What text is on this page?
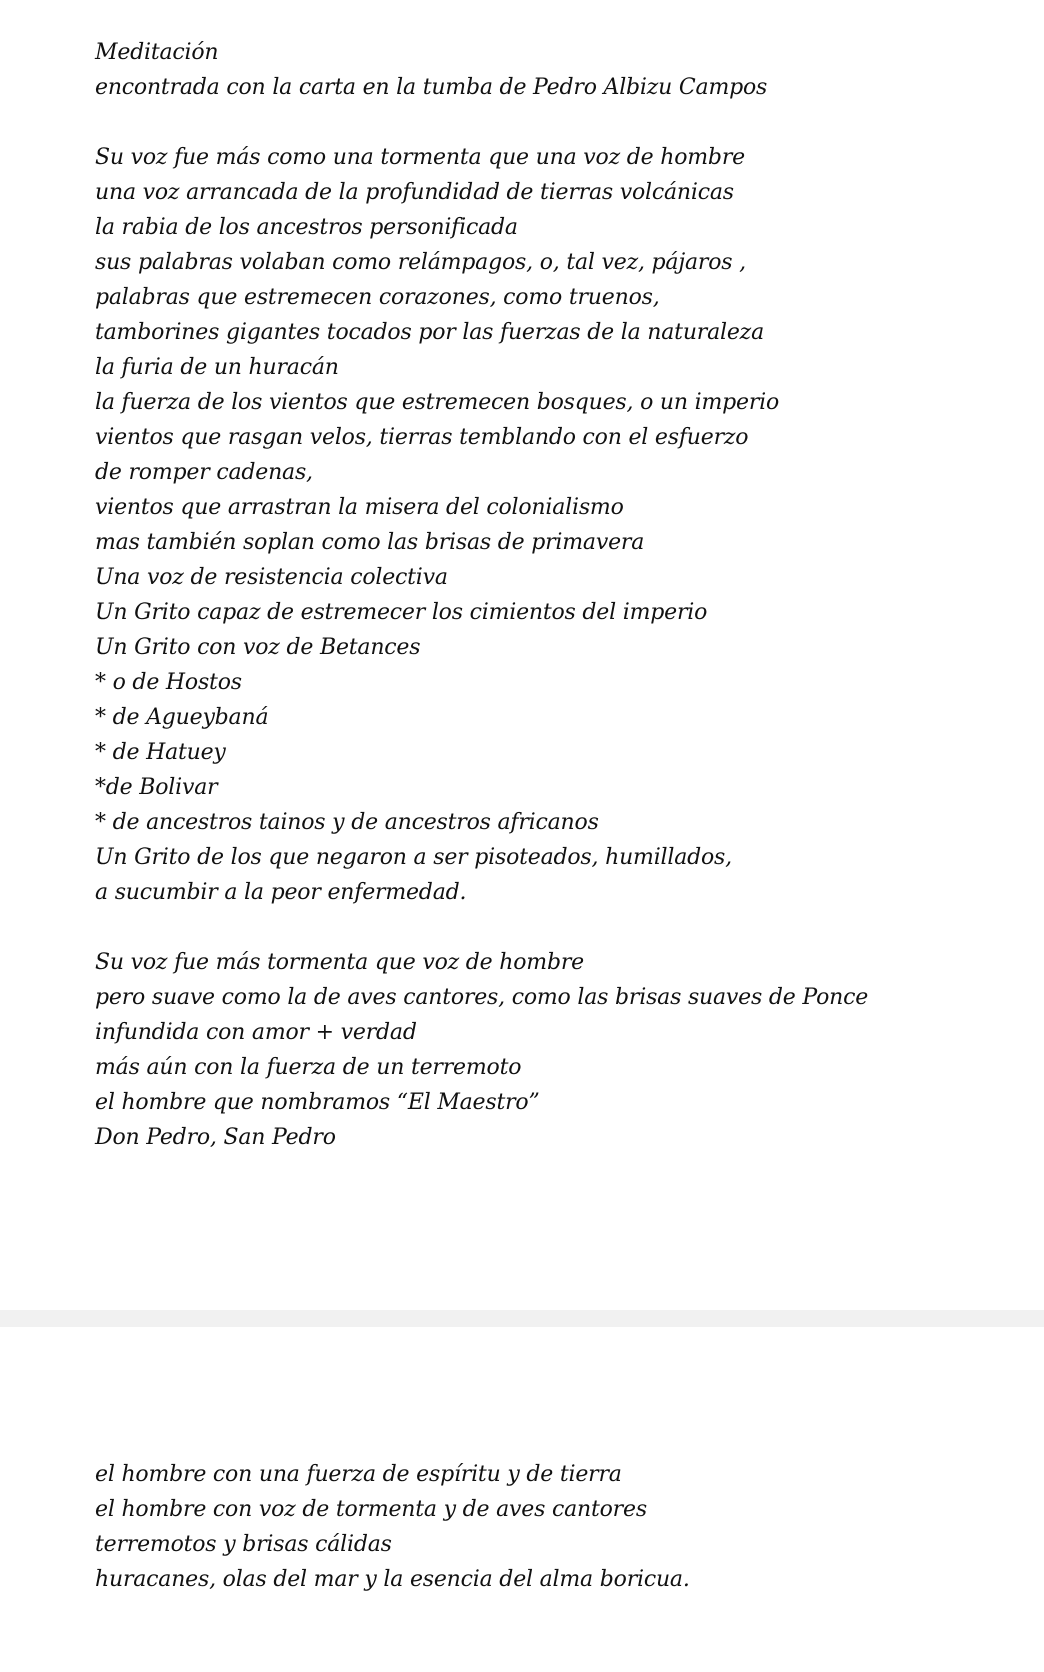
Meditación
encontrada con la carta en la tumba de Pedro Albizu Campos
Su voz fue más como una tormenta que una voz de hombre
una voz arrancada de la profundidad de tierras volcánicas
la rabia de los ancestros personificada
sus palabras volaban como relámpagos, o, tal vez, pájaros ,
palabras que estremecen corazones, como truenos,
tamborines gigantes tocados por las fuerzas de la naturaleza
la furia de un huracán
la fuerza de los vientos que estremecen bosques, o un imperio
vientos que rasgan velos, tierras temblando con el esfuerzo
de romper cadenas,
vientos que arrastran la misera del colonialismo
mas también soplan como las brisas de primavera
Una voz de resistencia colectiva
Un Grito capaz de estremecer los cimientos del imperio
Un Grito con voz de Betances
* o de Hostos
* de Agueybaná
* de Hatuey
*de Bolivar
* de ancestros tainos y de ancestros africanos
Un Grito de los que negaron a ser pisoteados, humillados,
a sucumbir a la peor enfermedad.
Su voz fue más tormenta que voz de hombre
pero suave como la de aves cantores, como las brisas suaves de Ponce
infundida con amor + verdad
más aún con la fuerza de un terremoto
el hombre que nombramos “El Maestro”
Don Pedro, San Pedro
el hombre con una fuerza de espíritu y de tierra
el hombre con voz de tormenta y de aves cantores
terremotos y brisas cálidas
huracanes, olas del mar y la esencia del alma boricua.
